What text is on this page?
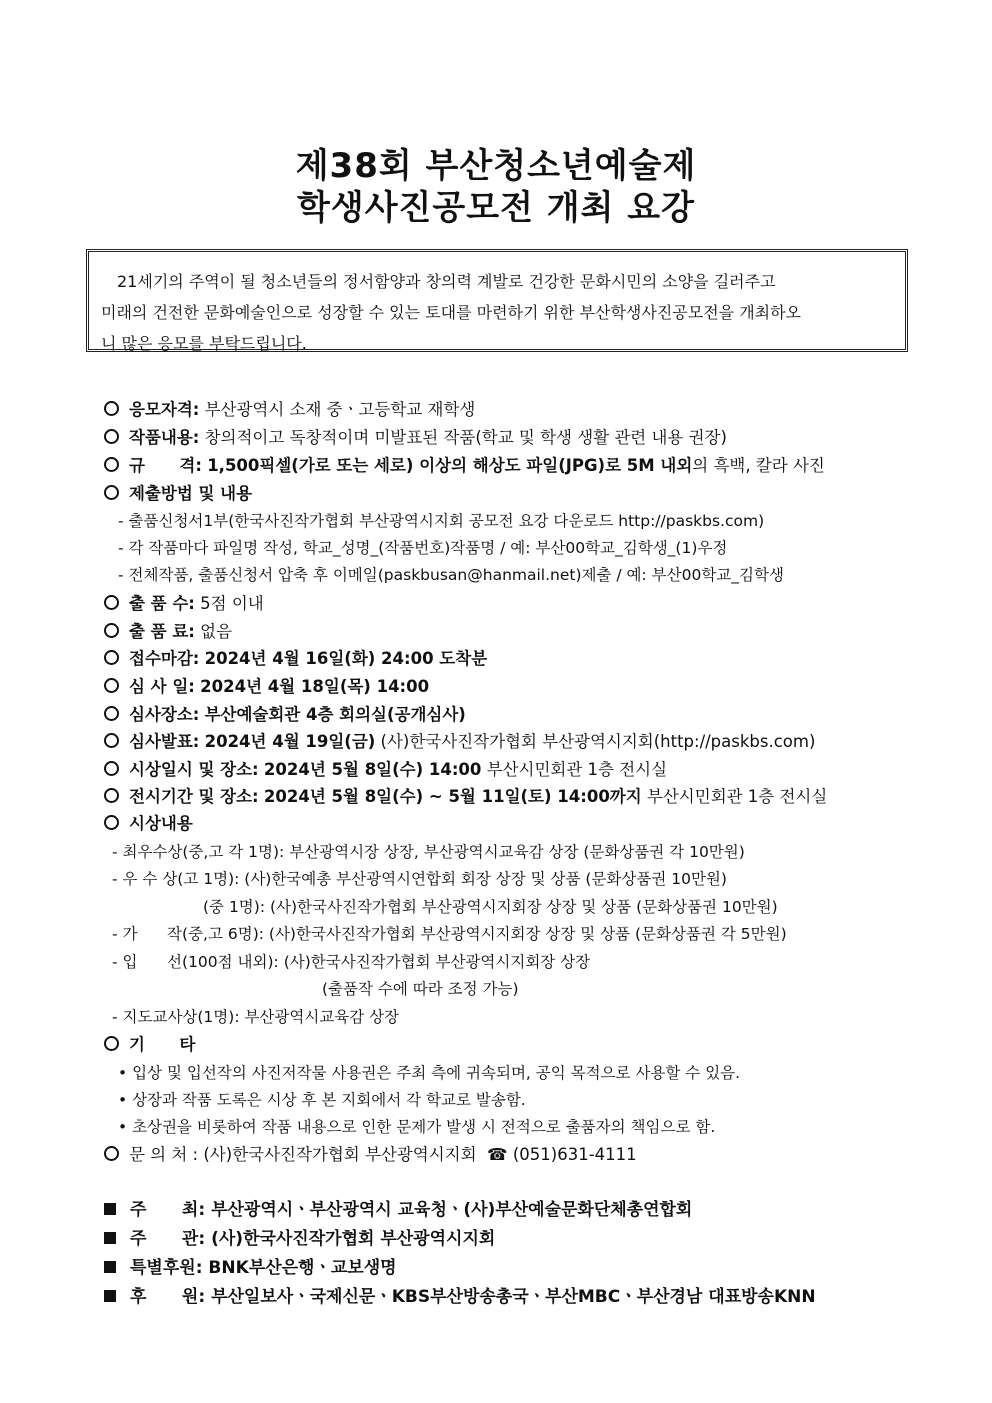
제38회 부산청소년예술제
학생사진공모전 개최 요강
21세기의 주역이 될 청소년들의 정서함양과 창의력 계발로 건강한 문화시민의 소양을 길러주고
미래의 건전한 문화예술인으로 성장할 수 있는 토대를 마련하기 위한 부산학생사진공모전을 개최하오
니 많은 응모를 부탁드립니다.
응모자격: 부산광역시 소재 중ㆍ고등학교 재학생
작품내용: 창의적이고 독창적이며 미발표된 작품(학교 및 학생 생활 관련 내용 권장)
규      격: 1,500픽셀(가로 또는 세로) 이상의 해상도 파일(JPG)로 5M 내외의 흑백, 칼라 사진
제출방법 및 내용
- 출품신청서1부(한국사진작가협회 부산광역시지회 공모전 요강 다운로드 http://paskbs.com)
- 각 작품마다 파일명 작성, 학교_성명_(작품번호)작품명 / 예: 부산00학교_김학생_(1)우정
- 전체작품, 출품신청서 압축 후 이메일(paskbusan@hanmail.net)제출 / 예: 부산00학교_김학생
출 품 수: 5점 이내
출 품 료: 없음
접수마감: 2024년 4월 16일(화) 24:00 도착분
심 사 일: 2024년 4월 18일(목) 14:00
심사장소: 부산예술회관 4층 회의실(공개심사)
심사발표: 2024년 4월 19일(금) (사)한국사진작가협회 부산광역시지회(http://paskbs.com)
시상일시 및 장소: 2024년 5월 8일(수) 14:00 부산시민회관 1층 전시실
전시기간 및 장소: 2024년 5월 8일(수) ~ 5월 11일(토) 14:00까지 부산시민회관 1층 전시실
시상내용
- 최우수상(중,고 각 1명): 부산광역시장 상장, 부산광역시교육감 상장 (문화상품권 각 10만원)
- 우 수 상(고 1명): (사)한국예총 부산광역시연합회 회장 상장 및 상품 (문화상품권 10만원)
(중 1명): (사)한국사진작가협회 부산광역시지회장 상장 및 상품 (문화상품권 10만원)
- 가      작(중,고 6명): (사)한국사진작가협회 부산광역시지회장 상장 및 상품 (문화상품권 각 5만원)
- 입      선(100점 내외): (사)한국사진작가협회 부산광역시지회장 상장
(출품작 수에 따라 조정 가능)
- 지도교사상(1명): 부산광역시교육감 상장
기      타
• 입상 및 입선작의 사진저작물 사용권은 주최 측에 귀속되며, 공익 목적으로 사용할 수 있음.
• 상장과 작품 도록은 시상 후 본 지회에서 각 학교로 발송함.
• 초상권을 비롯하여 작품 내용으로 인한 문제가 발생 시 전적으로 출품자의 책임으로 함.
문 의 처 : (사)한국사진작가협회 부산광역시지회 ☎ (051)631-4111
주      최: 부산광역시ㆍ부산광역시 교육청ㆍ(사)부산예술문화단체총연합회
주      관: (사)한국사진작가협회 부산광역시지회
특별후원: BNK부산은행ㆍ교보생명
후      원: 부산일보사ㆍ국제신문ㆍKBS부산방송총국ㆍ부산MBCㆍ부산경남 대표방송KNN
